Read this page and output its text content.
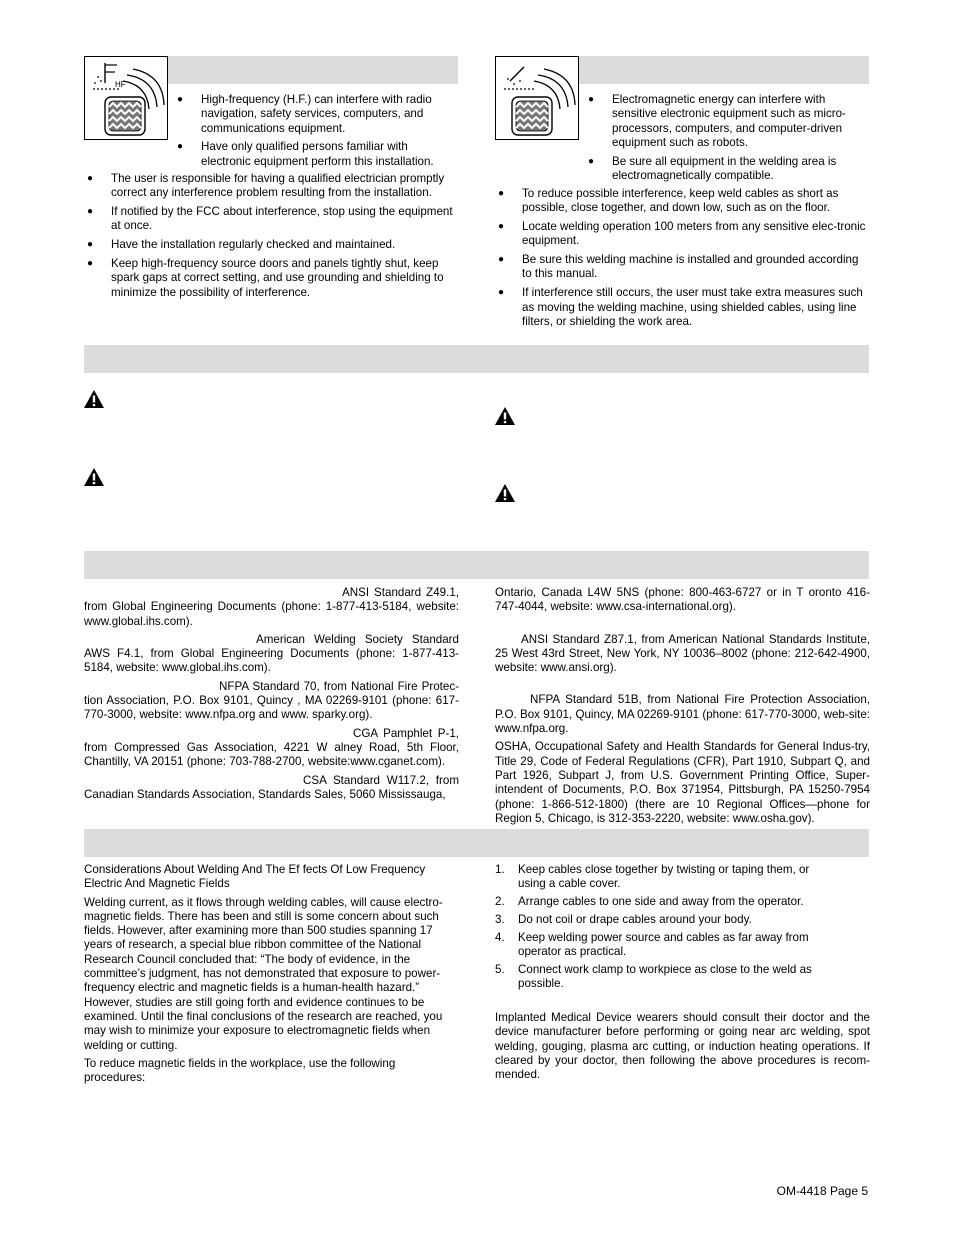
HF
● High-frequency (H.F.) can interfere with radio navigation, safety services, computers, and communications equipment.
● Have only qualified persons familiar with electronic equipment perform this installation.
● The user is responsible for having a qualified electrician promptly correct any interference problem resulting from the installation.
● If notified by the FCC about interference, stop using the equipment at once.
● Have the installation regularly checked and maintained.
● Keep high-frequency source doors and panels tightly shut, keep spark gaps at correct setting, and use grounding and shielding to minimize the possibility of interference.
● Electromagnetic energy can interfere with sensitive electronic equipment such as micro-processors, computers, and computer-driven equipment such as robots.
● Be sure all equipment in the welding area is electromagnetically compatible.
● To reduce possible interference, keep weld cables as short as possible, close together, and down low, such as on the floor.
● Locate welding operation 100 meters from any sensitive elec-tronic equipment.
● Be sure this welding machine is installed and grounded according to this manual.
● If interference still occurs, the user must take extra measures such as moving the welding machine, using shielded cables, using line filters, or shielding the work area.

ANSI Standard Z49.1, from Global Engineering Documents (phone: 1-877-413-5184, website: www.global.ihs.com).

American Welding Society Standard AWS F4.1, from Global Engineering Documents (phone: 1-877-413-5184, website: www.global.ihs.com).

NFPA Standard 70, from National Fire Protec-tion Association, P.O. Box 9101, Quincy , MA 02269-9101 (phone: 617-770-3000, website: www.nfpa.org and www. sparky.org).

CGA Pamphlet P-1, from Compressed Gas Association, 4221 W alney Road, 5th Floor, Chantilly, VA 20151 (phone: 703-788-2700, website:www.cganet.com).

CSA Standard W117.2, from Canadian Standards Association, Standards Sales, 5060 Mississauga,

Ontario, Canada L4W 5NS (phone: 800-463-6727 or in T oronto 416-747-4044, website: www.csa-international.org).

ANSI Standard Z87.1, from American National Standards Institute, 25 West 43rd Street, New York, NY 10036–8002 (phone: 212-642-4900, website: www.ansi.org).

NFPA Standard 51B, from National Fire Protection Association, P.O. Box 9101, Quincy, MA 02269-9101 (phone: 617-770-3000, web-site: www.nfpa.org.

OSHA, Occupational Safety and Health Standards for General Indus-try, Title 29, Code of Federal Regulations (CFR), Part 1910, Subpart Q, and Part 1926, Subpart J, from U.S. Government Printing Office, Super-intendent of Documents, P.O. Box 371954, Pittsburgh, PA 15250-7954 (phone: 1-866-512-1800) (there are 10 Regional Offices—phone for Region 5, Chicago, is 312-353-2220, website: www.osha.gov).

Considerations About Welding And The Ef fects Of Low Frequency Electric And Magnetic Fields

Welding current, as it flows through welding cables, will cause electro-magnetic fields. There has been and still is some concern about such fields. However, after examining more than 500 studies spanning 17 years of research, a special blue ribbon committee of the National Research Council concluded that: “The body of evidence, in the committee’s judgment, has not demonstrated that exposure to power-frequency electric and magnetic fields is a human-health hazard.” However, studies are still going forth and evidence continues to be examined. Until the final conclusions of the research are reached, you may wish to minimize your exposure to electromagnetic fields when welding or cutting.

To reduce magnetic fields in the workplace, use the following procedures:

1. Keep cables close together by twisting or taping them, or using a cable cover.
2. Arrange cables to one side and away from the operator.
3. Do not coil or drape cables around your body.
4. Keep welding power source and cables as far away from operator as practical.
5. Connect work clamp to workpiece as close to the weld as possible.

Implanted Medical Device wearers should consult their doctor and the device manufacturer before performing or going near arc welding, spot welding, gouging, plasma arc cutting, or induction heating operations. If cleared by your doctor, then following the above procedures is recom-mended.

OM-4418 Page 5
